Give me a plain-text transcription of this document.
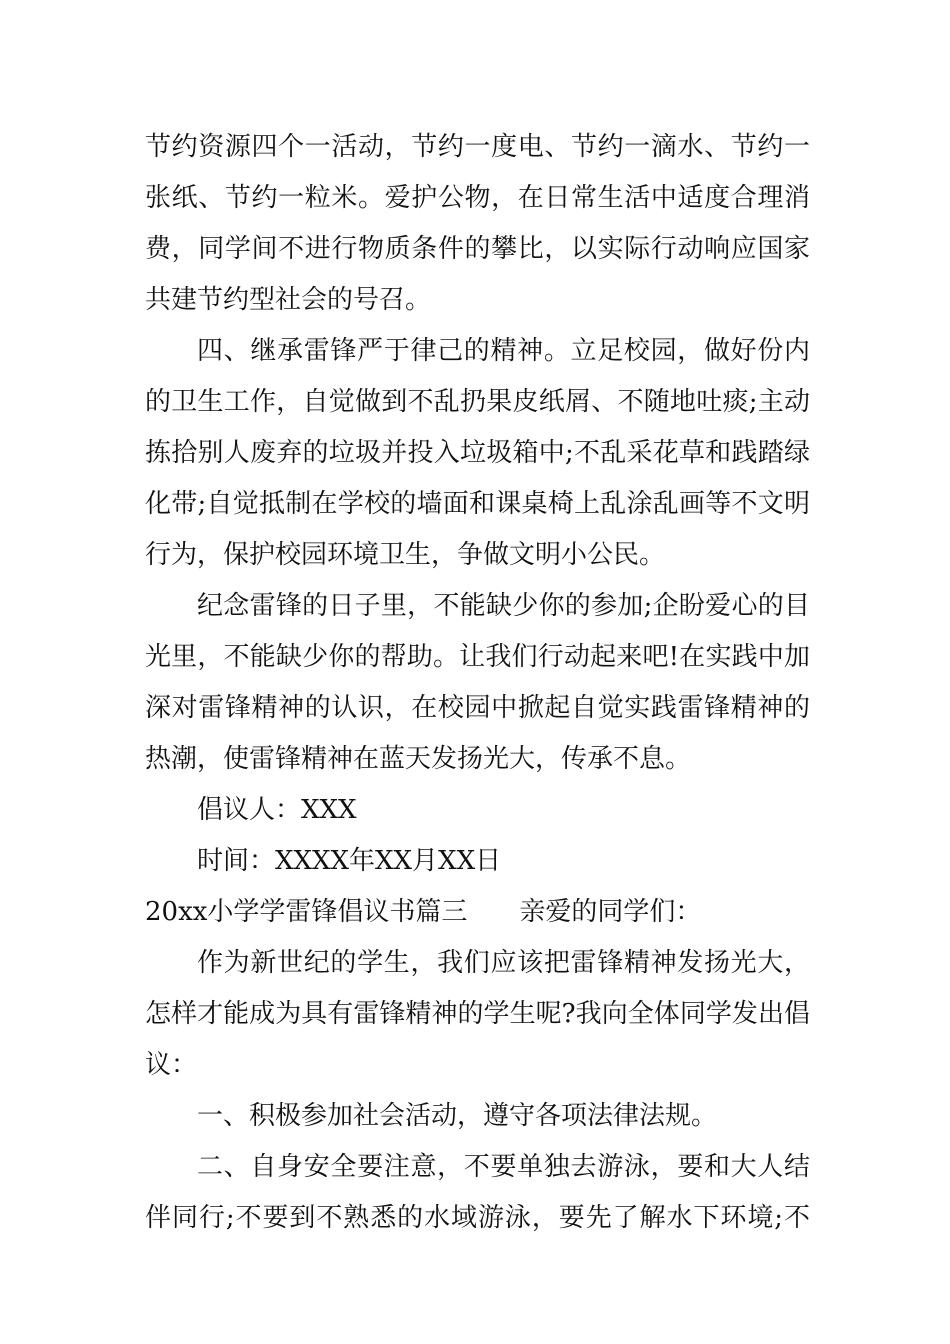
节约资源四个一活动，节约一度电、节约一滴水、节约一
张纸、节约一粒米。爱护公物，在日常生活中适度合理消
费，同学间不进行物质条件的攀比，以实际行动响应国家
共建节约型社会的号召。
四、继承雷锋严于律己的精神。立足校园，做好份内
的卫生工作，自觉做到不乱扔果皮纸屑、不随地吐痰;主动
拣拾别人废弃的垃圾并投入垃圾箱中;不乱采花草和践踏绿
化带;自觉抵制在学校的墙面和课桌椅上乱涂乱画等不文明
行为，保护校园环境卫生，争做文明小公民。
纪念雷锋的日子里，不能缺少你的参加;企盼爱心的目
光里，不能缺少你的帮助。让我们行动起来吧!在实践中加
深对雷锋精神的认识，在校园中掀起自觉实践雷锋精神的
热潮，使雷锋精神在蓝天发扬光大，传承不息。
倡议人：XXX
时间：XXXX年XX月XX日
20xx小学学雷锋倡议书篇三　　亲爱的同学们：
作为新世纪的学生，我们应该把雷锋精神发扬光大，
怎样才能成为具有雷锋精神的学生呢?我向全体同学发出倡
议：
一、积极参加社会活动，遵守各项法律法规。
二、自身安全要注意，不要单独去游泳，要和大人结
伴同行;不要到不熟悉的水域游泳，要先了解水下环境;不
